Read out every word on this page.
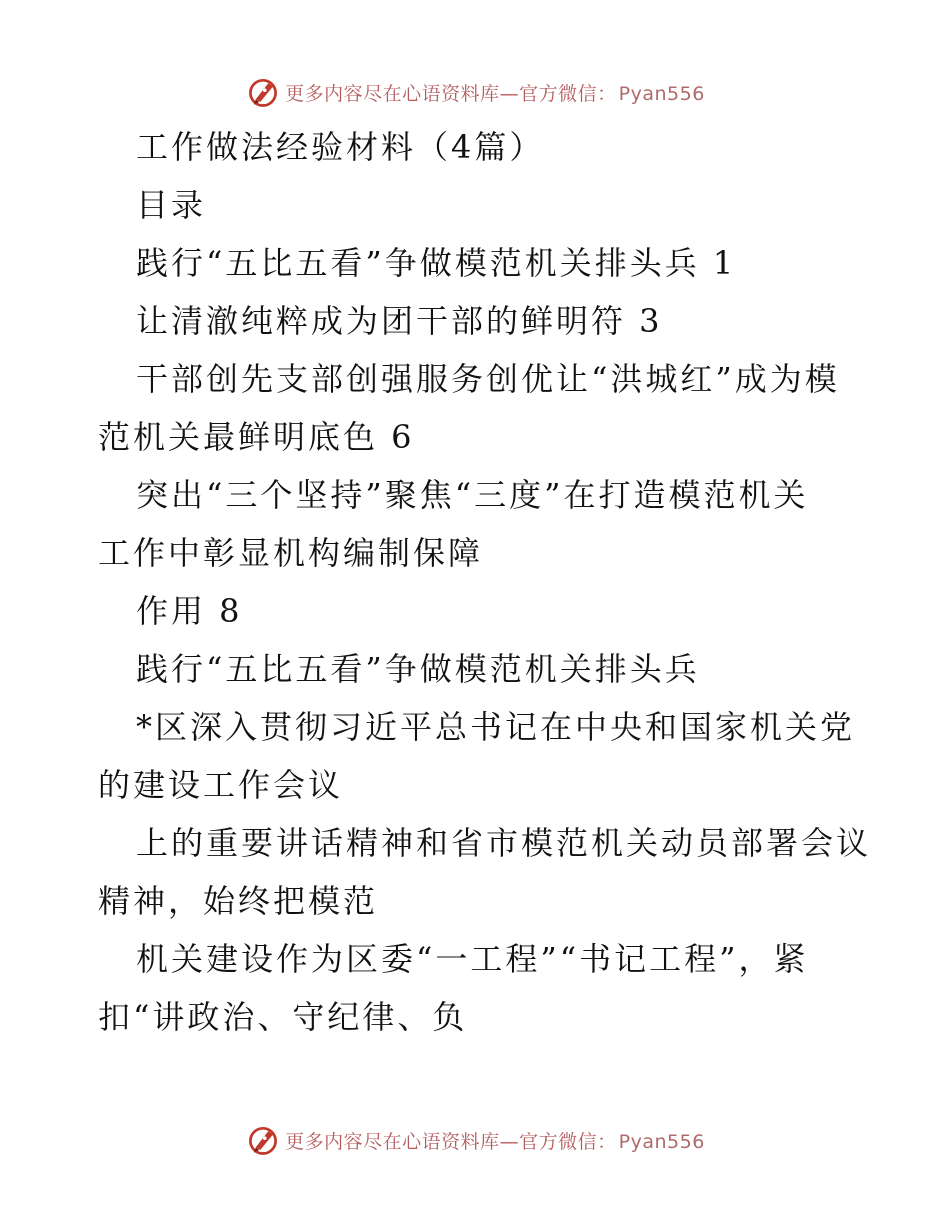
更多内容尽在心语资料库—官方微信： Pyan556
工作做法经验材料（4篇）
目录
践行“五比五看”争做模范机关排头兵 1
让清澈纯粹成为团干部的鲜明符 3
干部创先支部创强服务创优让“洪城红”成为模
范机关最鲜明底色 6
突出“三个坚持”聚焦“三度”在打造模范机关
工作中彰显机构编制保障
作用 8
践行“五比五看”争做模范机关排头兵
*区深入贯彻习近平总书记在中央和国家机关党
的建设工作会议
上的重要讲话精神和省市模范机关动员部署会议
精神，始终把模范
机关建设作为区委“一工程”“书记工程”，紧
扣“讲政治、守纪律、负
更多内容尽在心语资料库—官方微信： Pyan556
